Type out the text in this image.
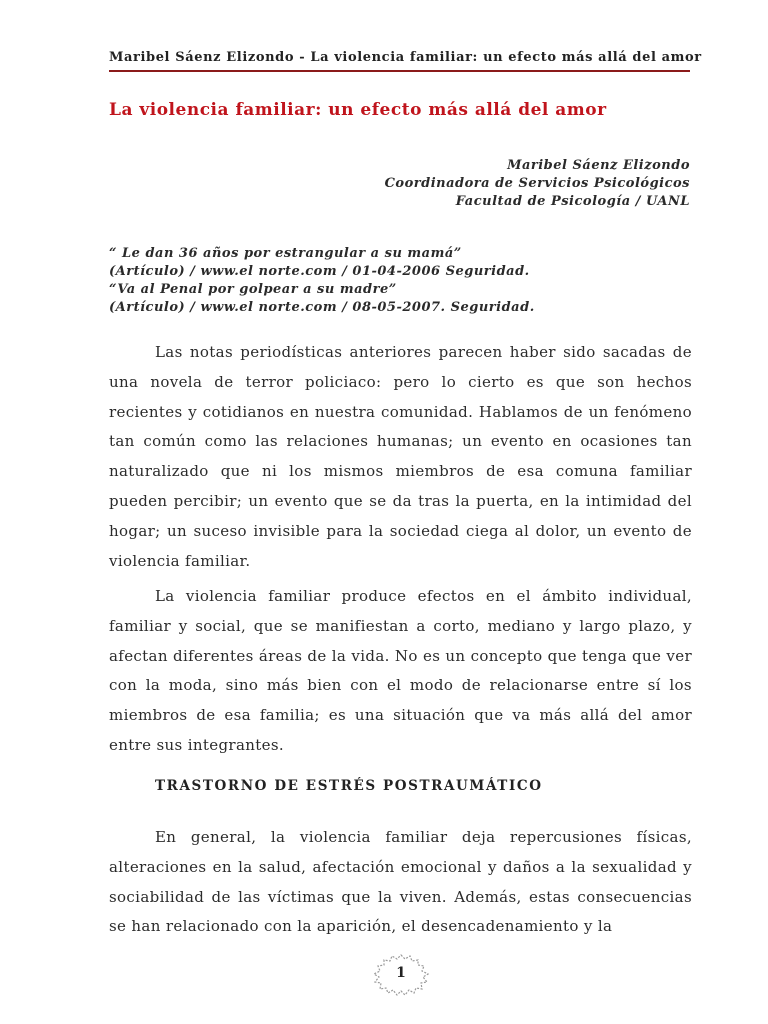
Maribel Sáenz Elizondo - La violencia familiar: un efecto más allá del amor
La violencia familiar: un efecto más allá del amor
Maribel Sáenz Elizondo
Coordinadora de Servicios Psicológicos
Facultad de Psicología / UANL
“ Le dan 36 años por estrangular a su mamá”
(Artículo) / www.el norte.com / 01-04-2006 Seguridad.
“Va al Penal por golpear a su madre”
(Artículo) / www.el norte.com / 08-05-2007. Seguridad.

Las notas periodísticas anteriores parecen haber sido sacadas de una novela de terror policiaco: pero lo cierto es que son hechos recientes y cotidianos en nuestra comunidad. Hablamos de un fenómeno tan común como las relaciones humanas; un evento en ocasiones tan naturalizado que ni los mismos miembros de esa comuna familiar pueden percibir; un evento que se da tras la puerta, en la intimidad del hogar; un suceso invisible para la sociedad ciega al dolor, un evento de violencia familiar.

La violencia familiar produce efectos en el ámbito individual, familiar y social, que se manifiestan a corto, mediano y largo plazo, y afectan diferentes áreas de la vida. No es un concepto que tenga que ver con la moda, sino más bien con el modo de relacionarse entre sí los miembros de esa familia; es una situación que va más allá del amor entre sus integrantes.

TRASTORNO DE ESTRÉS POSTRAUMÁTICO

En general, la violencia familiar deja repercusiones físicas, alteraciones en la salud, afectación emocional y daños a la sexualidad y sociabilidad de las víctimas que la viven. Además, estas consecuencias se han relacionado con la aparición, el desencadenamiento y la

1
